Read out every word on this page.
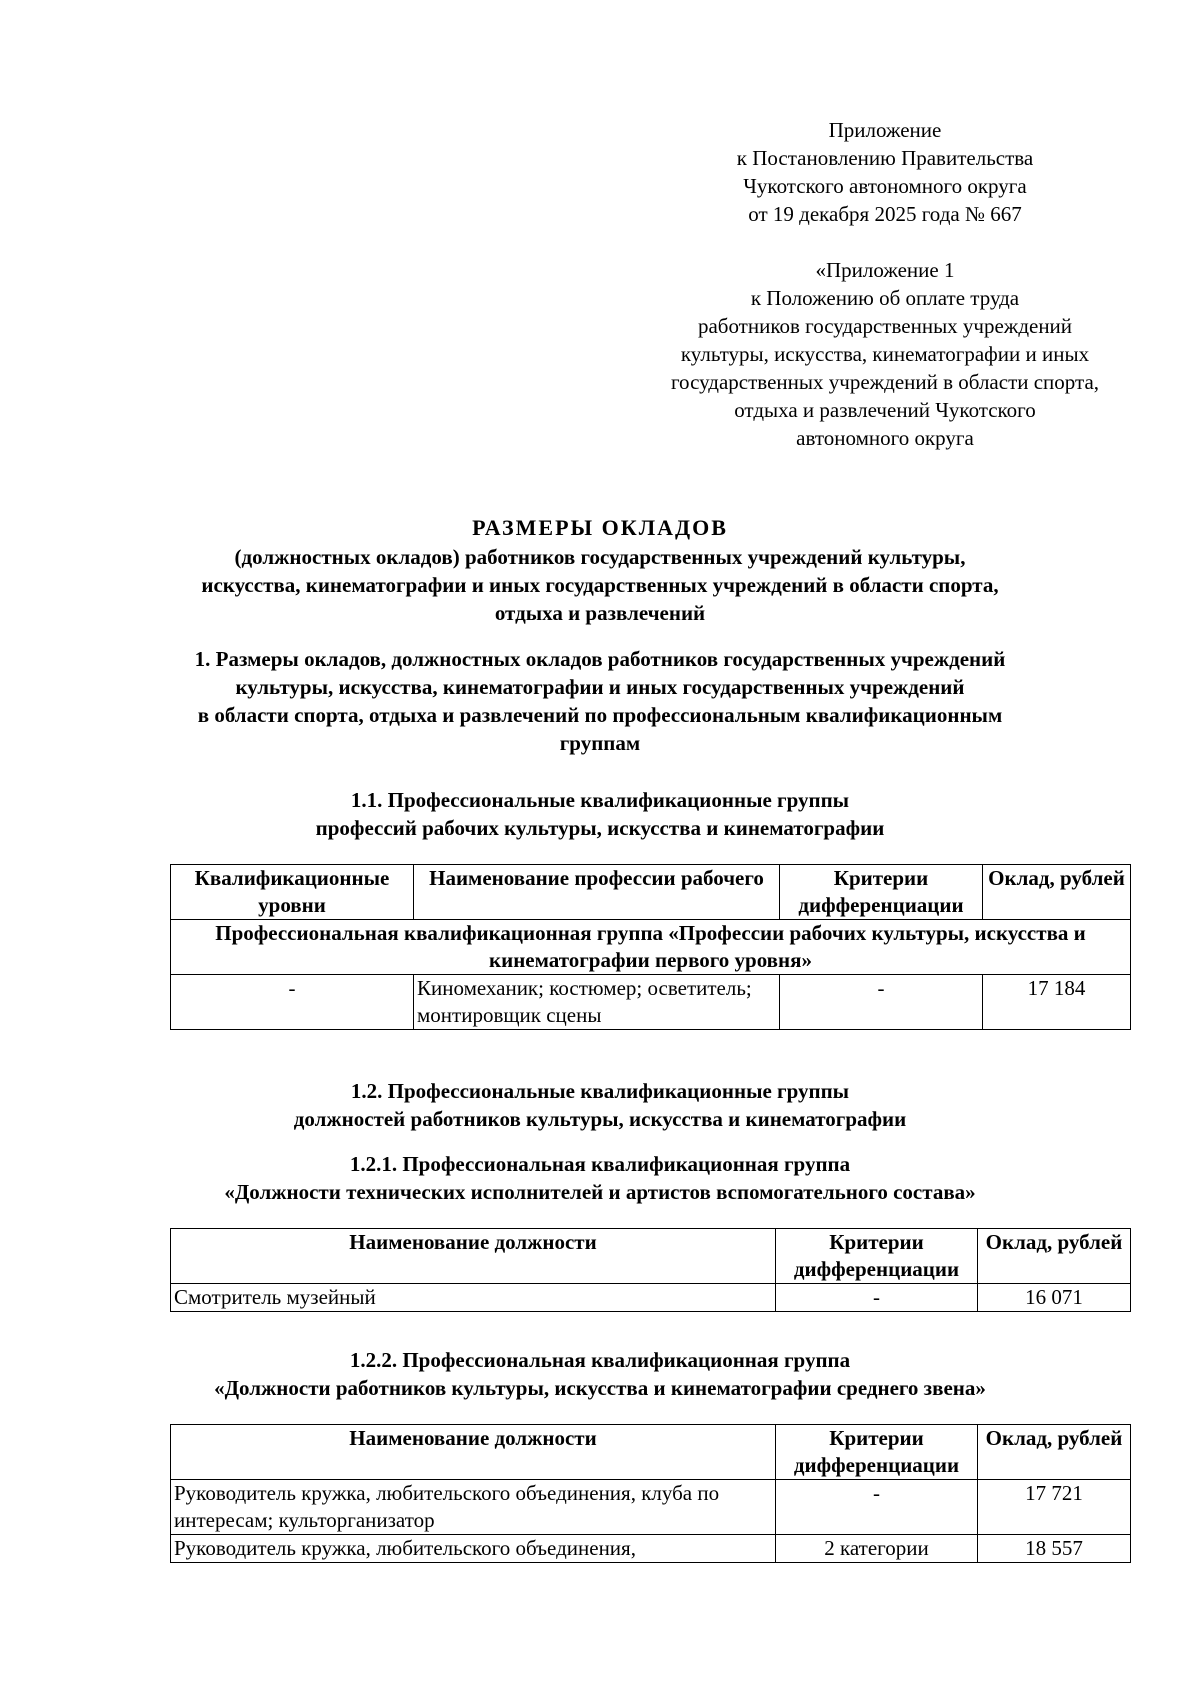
Приложение
к Постановлению Правительства
Чукотского автономного округа
от 19 декабря 2025 года № 667
«Приложение 1
к Положению об оплате труда
работников государственных учреждений
культуры, искусства, кинематографии и иных
государственных учреждений в области спорта,
отдыха и развлечений Чукотского
автономного округа
РАЗМЕРЫ ОКЛАДОВ
(должностных окладов) работников государственных учреждений культуры,
искусства, кинематографии и иных государственных учреждений в области спорта,
отдыха и развлечений
1. Размеры окладов, должностных окладов работников государственных учреждений
культуры, искусства, кинематографии и иных государственных учреждений
в области спорта, отдыха и развлечений по профессиональным квалификационным
группам
1.1. Профессиональные квалификационные группы
профессий рабочих культуры, искусства и кинематографии
Квалификационные уровни	Наименование профессии рабочего	Критерии дифференциации	Оклад, рублей
Профессиональная квалификационная группа «Профессии рабочих культуры, искусства и кинематографии первого уровня»			
-	Киномеханик; костюмер; осветитель; монтировщик сцены	-	17 184
1.2. Профессиональные квалификационные группы
должностей работников культуры, искусства и кинематографии
1.2.1. Профессиональная квалификационная группа
«Должности технических исполнителей и артистов вспомогательного состава»
Наименование должности	Критерии дифференциации	Оклад, рублей
Смотритель музейный	-	16 071
1.2.2. Профессиональная квалификационная группа
«Должности работников культуры, искусства и кинематографии среднего звена»
Наименование должности	Критерии дифференциации	Оклад, рублей
Руководитель кружка, любительского объединения, клуба по интересам; культорганизатор	-	17 721
Руководитель кружка, любительского объединения,	2 категории	18 557
